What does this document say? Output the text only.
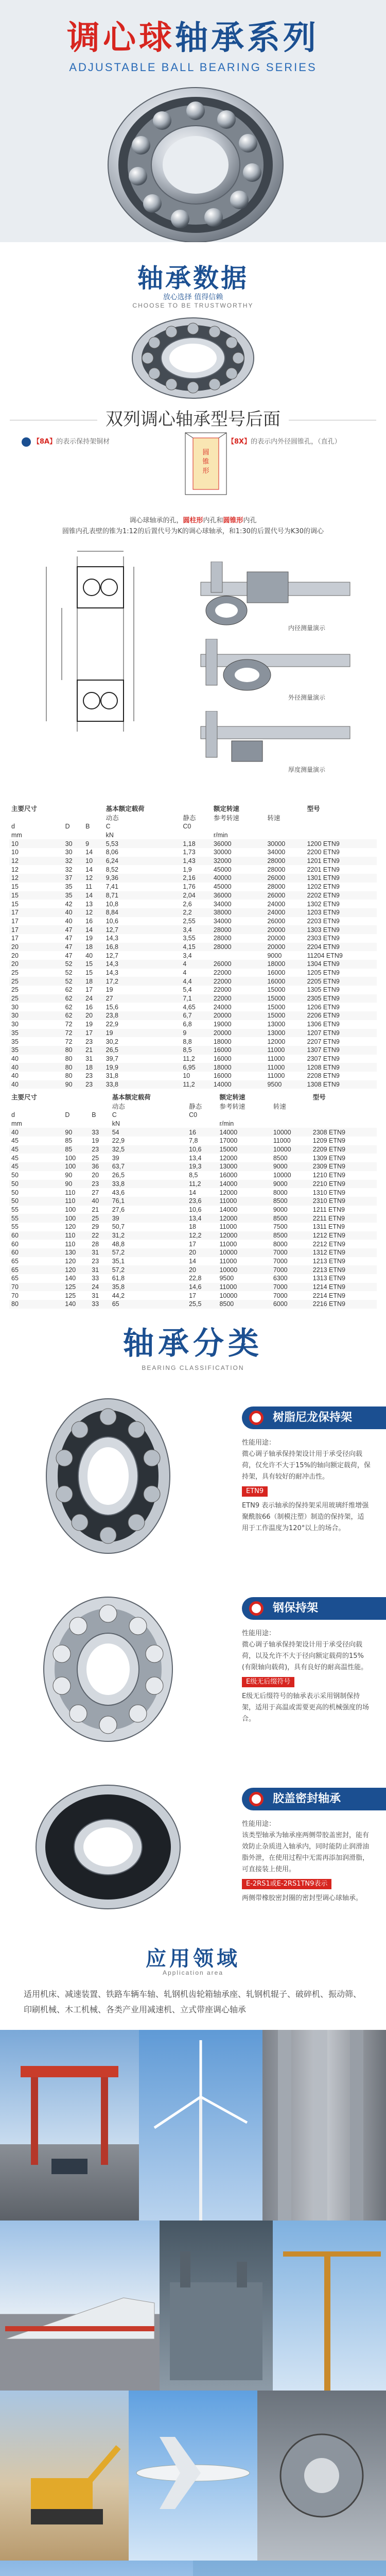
调心球轴承系列
ADJUSTABLE BALL BEARING SERIES
轴承数据
放心选择 值得信赖
CHOOSE TO BE TRUSTWORTHY
双列调心轴承型号后面
【8A】的表示保持架铜材	【8X】的表示内外径圆锥孔，（直孔）
圆锥形
调心球轴承的孔，圆柱形内孔和圆锥形内孔
圆锥内孔表壁的锥为1:12的后置代号为K的调心球轴承，和1:30的后置代号为K30的调心
内径测量演示
外径测量演示
厚度测量演示
主要尺寸			基本额定载荷		额定转速		型号
			动态	静态	参考转速	转速	
d	D	B	C	C0			
mm			kN		r/min		
10	30	9	5,53	1,18	36000	30000	1200 ETN9
10	30	14	8,06	1,73	30000	34000	2200 ETN9
12	32	10	6,24	1,43	32000	28000	1201 ETN9
12	32	14	8,52	1,9	45000	28000	2201 ETN9
12	37	12	9,36	2,16	40000	26000	1301 ETN9
15	35	11	7,41	1,76	45000	28000	1202 ETN9
15	35	14	8,71	2,04	36000	26000	2202 ETN9
15	42	13	10,8	2,6	34000	24000	1302 ETN9
17	40	12	8,84	2,2	38000	24000	1203 ETN9
17	40	16	10,6	2,55	34000	26000	2203 ETN9
17	47	14	12,7	3,4	28000	20000	1303 ETN9
17	47	19	14,3	3,55	28000	20000	2303 ETN9
20	47	18	16,8	4,15	28000	20000	2204 ETN9
20	47	40	12,7	3,4		9000	11204 ETN9
20	52	15	14,3	4	26000	18000	1304 ETN9
25	52	15	14,3	4	22000	16000	1205 ETN9
25	52	18	17,2	4,4	22000	16000	2205 ETN9
25	62	17	19	5,4	22000	15000	1305 ETN9
25	62	24	27	7,1	22000	15000	2305 ETN9
30	62	16	15,6	4,65	24000	15000	1206 ETN9
30	62	20	23,8	6,7	20000	15000	2206 ETN9
30	72	19	22,9	6,8	19000	13000	1306 ETN9
35	72	17	19	9	20000	13000	1207 ETN9
35	72	23	30,2	8,8	18000	12000	2207 ETN9
35	80	21	26,5	8,5	16000	11000	1307 ETN9
40	80	31	39,7	11,2	16000	11000	2307 ETN9
40	80	18	19,9	6,95	18000	11000	1208 ETN9
40	80	23	31,8	10	16000	11000	2208 ETN9
40	90	23	33,8	11,2	14000	9500	1308 ETN9
主要尺寸			基本额定载荷		额定转速		型号
			动态	静态	参考转速	转速	
d	D	B	C	C0			
mm			kN		r/min		
40	90	33	54	16	14000	10000	2308 ETN9
45	85	19	22,9	7,8	17000	11000	1209 ETN9
45	85	23	32,5	10,6	15000	10000	2209 ETN9
45	100	25	39	13,4	12000	8500	1309 ETN9
45	100	36	63,7	19,3	13000	9000	2309 ETN9
50	90	20	26,5	8,5	16000	10000	1210 ETN9
50	90	23	33,8	11,2	14000	9000	2210 ETN9
50	110	27	43,6	14	12000	8000	1310 ETN9
50	110	40	76,1	23,6	11000	8500	2310 ETN9
55	100	21	27,6	10,6	14000	9000	1211 ETN9
55	100	25	39	13,4	12000	8500	2211 ETN9
55	120	29	50,7	18	11000	7500	1311 ETN9
60	110	22	31,2	12,2	12000	8500	1212 ETN9
60	110	28	48,8	17	11000	8000	2212 ETN9
60	130	31	57,2	20	10000	7000	1312 ETN9
65	120	23	35,1	14	11000	7000	1213 ETN9
65	120	31	57,2	20	10000	7000	2213 ETN9
65	140	33	61,8	22,8	9500	6300	1313 ETN9
70	125	24	35,8	14,6	11000	7000	1214 ETN9
70	125	31	44,2	17	10000	7000	2214 ETN9
80	140	33	65	25,5	8500	6000	2216 ETN9
轴承分类
BEARING CLASSIFICATION
树脂尼龙保持架
性能用途：
微心调子轴承保持架设计用于承受径向载荷，仅允许不大于15%的轴向额定载荷，保持架，具有较好的耐冲击性。
ETN9
ETN9 表示轴承的保持架采用玻璃纤维增强聚酰胺66（制模注塑）制造的保持架，适用于工作温度为120°以上的场合。
钢保持架
性能用途：
微心调子轴承保持架设计用于承受径向载荷，以及允许不大于径向额定载荷的15%(有限轴向载荷)，具有良好的耐高温性能。
E级无后缀符号
E级无后缀符号的轴承表示采用钢制保持架，适用于高温或需要更高的机械强度的场合。
胶盖密封轴承
性能用途：
该类型轴承为轴承座两侧带胶盖密封，能有效防止杂质进入轴承内，同时能防止润滑油脂外泄，在使用过程中无需再添加润滑脂，可直接装上使用。
E-2RS1或E-2RS1TN9表示
两侧带橡胶密封圈的密封型调心球轴承。
应用领域
Application area
适用机床、减速装置、铁路车辆车轴、轧钢机齿轮箱轴承座、轧钢机辊子、破碎机、振动筛、印刷机械、木工机械、各类产业用减速机、立式带座调心轴承
